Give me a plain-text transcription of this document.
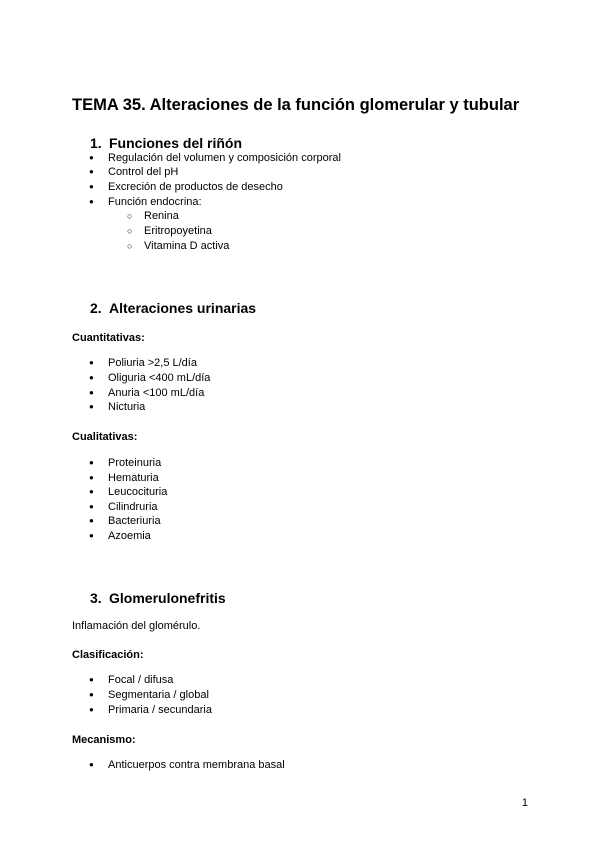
TEMA 35. Alteraciones de la función glomerular y tubular
1. Funciones del riñón
● Regulación del volumen y composición corporal
● Control del pH
● Excreción de productos de desecho
● Función endocrina:
○ Renina
○ Eritropoyetina
○ Vitamina D activa
2. Alteraciones urinarias
Cuantitativas:
● Poliuria >2,5 L/día
● Oliguria <400 mL/día
● Anuria <100 mL/día
● Nicturia
Cualitativas:
● Proteinuria
● Hematuria
● Leucocituria
● Cilindruria
● Bacteriuria
● Azoemia
3. Glomerulonefritis
Inflamación del glomérulo.
Clasificación:
● Focal / difusa
● Segmentaria / global
● Primaria / secundaria
Mecanismo:
● Anticuerpos contra membrana basal
1
